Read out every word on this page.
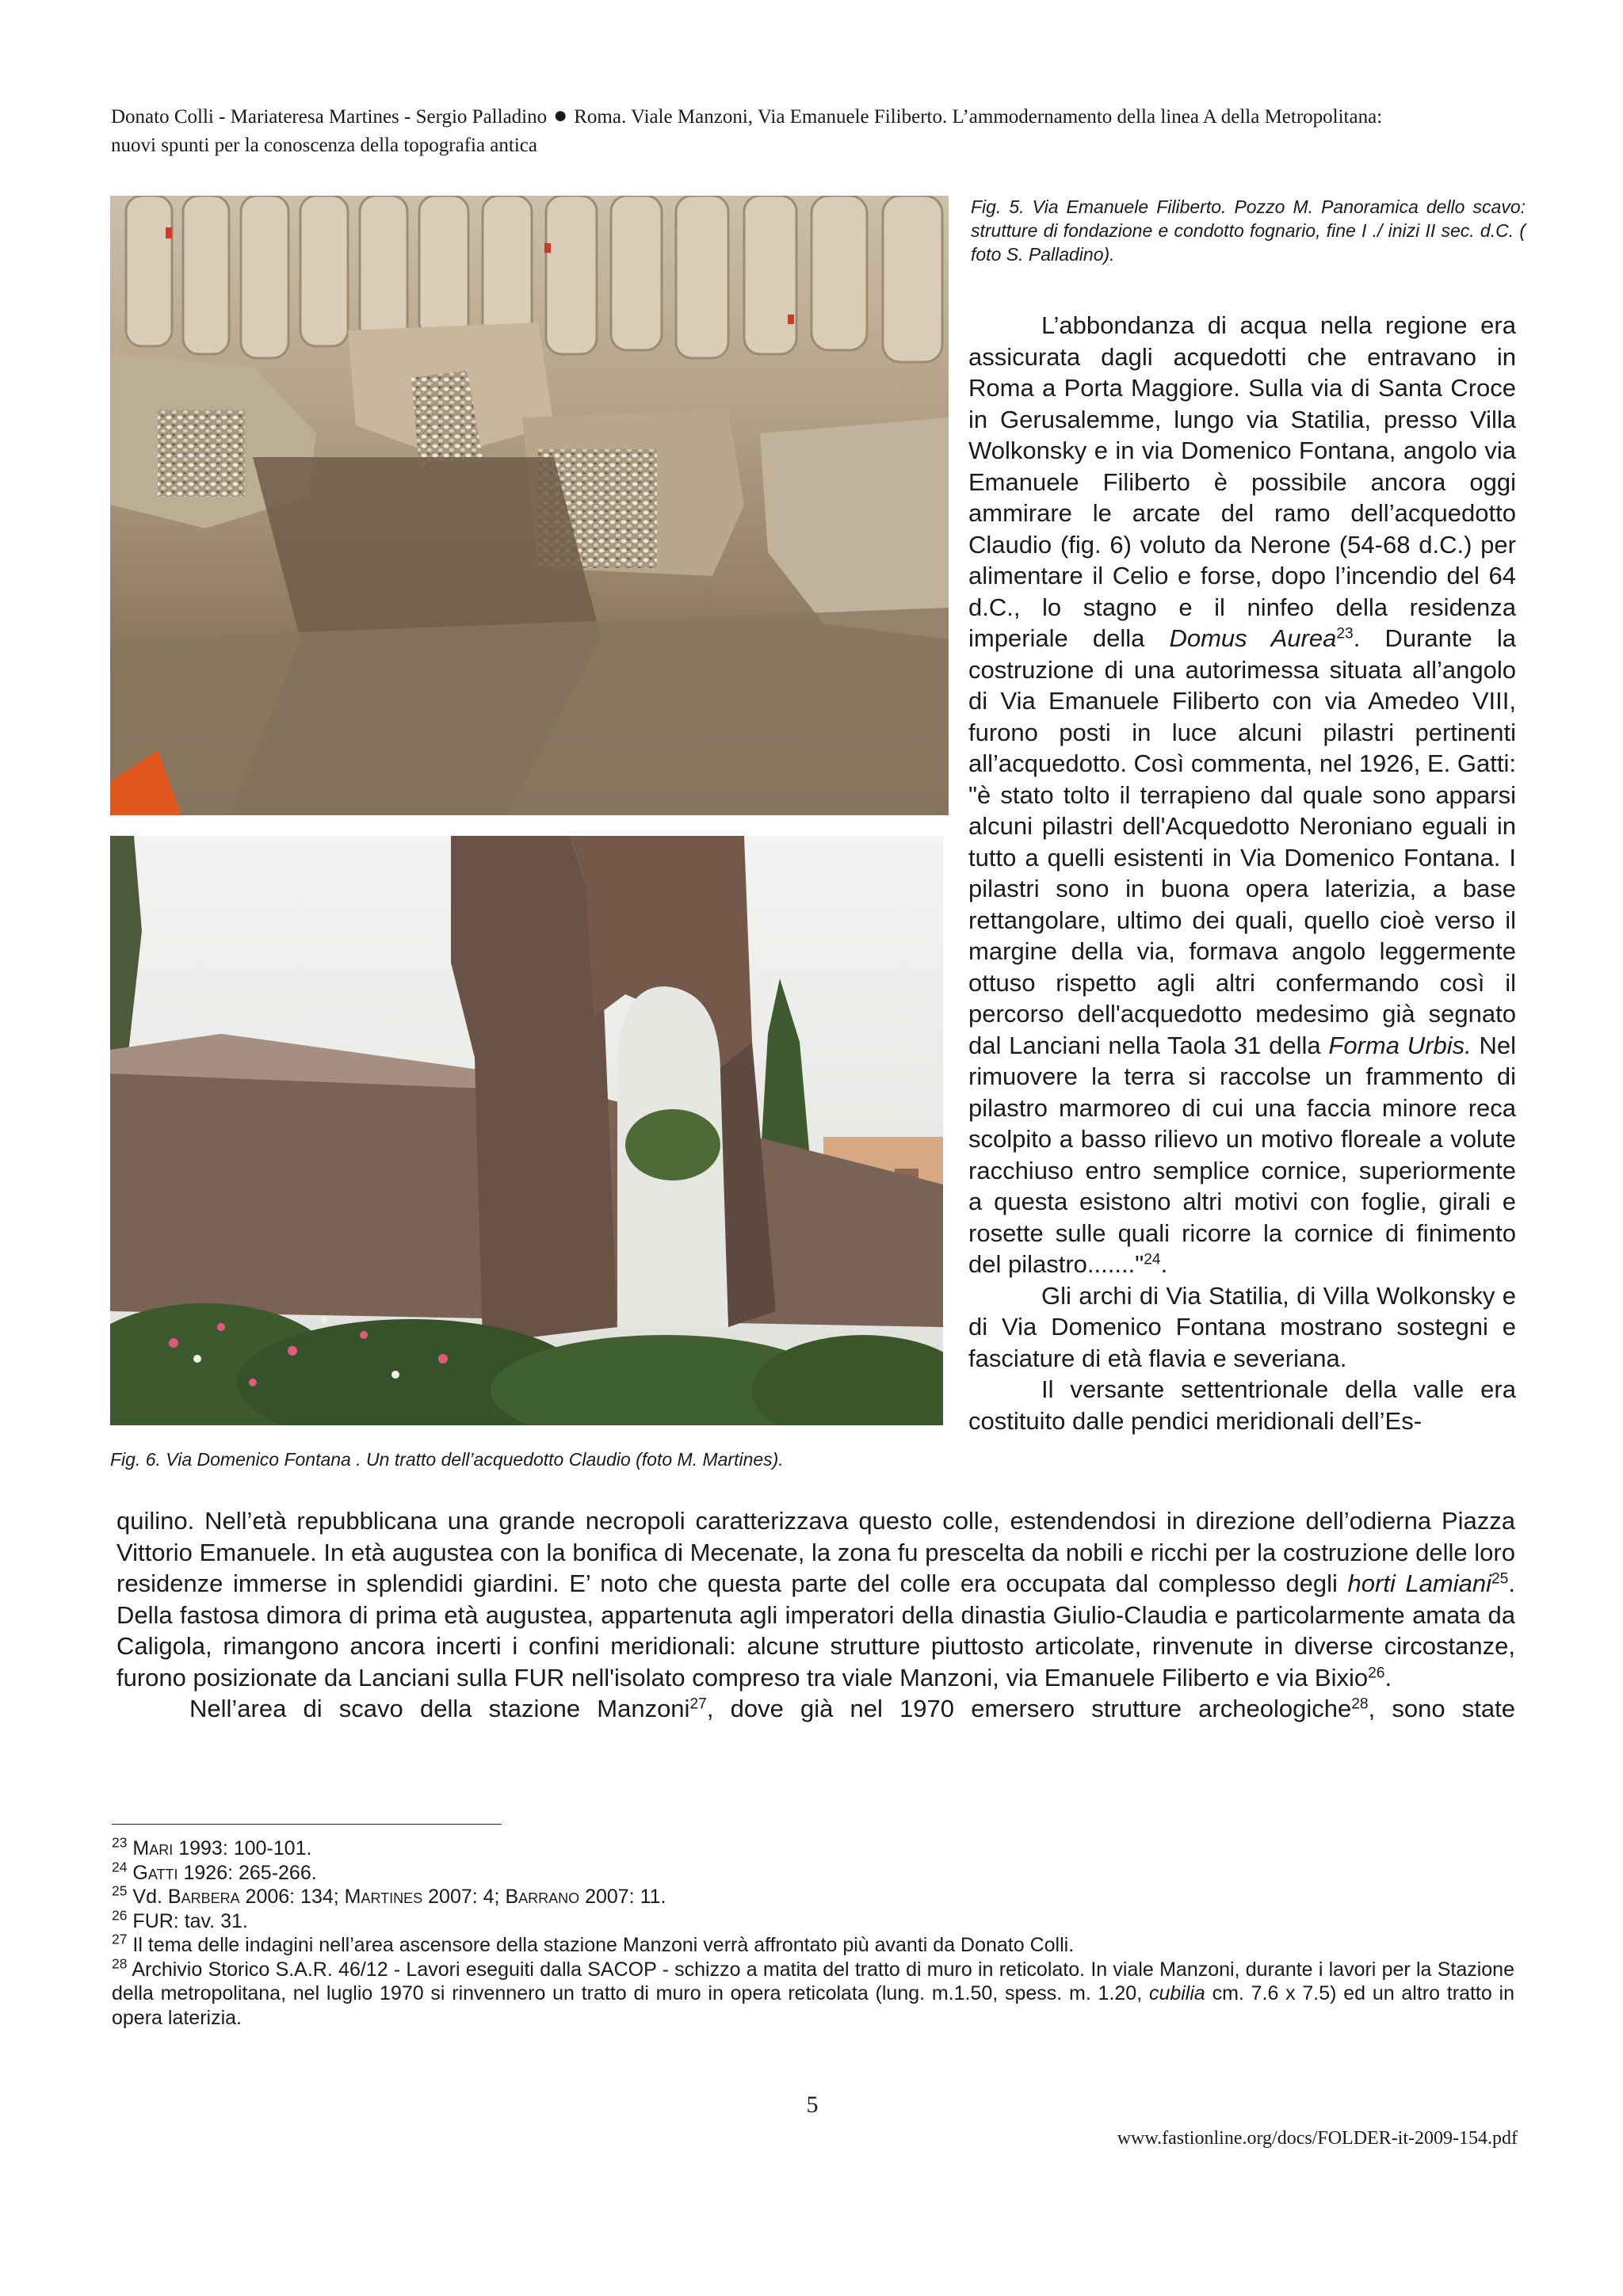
Donato Colli - Mariateresa Martines - Sergio Palladino ● Roma. Viale Manzoni, Via Emanuele Filiberto. L’ammodernamento della linea A della Metropolitana:
nuovi spunti per la conoscenza della topografia antica
Fig. 5. Via Emanuele Filiberto. Pozzo M. Panoramica dello scavo: strutture di fondazione e condotto fognario, fine I ./ inizi II sec. d.C. ( foto S. Palladino).
Fig. 6. Via Domenico Fontana . Un tratto dell’acquedotto Claudio (foto M. Martines).

L’abbondanza di acqua nella regione era assicurata dagli acquedotti che entravano in Roma a Porta Maggiore. Sulla via di Santa Croce in Gerusalemme, lungo via Statilia, presso Villa Wolkonsky e in via Domenico Fontana, angolo via Emanuele Filiberto è possibile ancora oggi ammirare le arcate del ramo dell’acquedotto Claudio (fig. 6) voluto da Nerone (54-68 d.C.) per alimentare il Celio e forse, dopo l’incendio del 64 d.C., lo stagno e il ninfeo della residenza imperiale della Domus Aurea$^{23}$. Durante la costruzione di una autorimessa situata all’angolo di Via Emanuele Filiberto con via Amedeo VIII, furono posti in luce alcuni pilastri pertinenti all’acquedotto. Così commenta, nel 1926, E. Gatti: "è stato tolto il terrapieno dal quale sono apparsi alcuni pilastri dell'Acquedotto Neroniano eguali in tutto a quelli esistenti in Via Domenico Fontana. I pilastri sono in buona opera laterizia, a base rettangolare, ultimo dei quali, quello cioè verso il margine della via, formava angolo leggermente ottuso rispetto agli altri confermando così il percorso dell'acquedotto medesimo già segnato dal Lanciani nella Taola 31 della Forma Urbis. Nel rimuovere la terra si raccolse un frammento di pilastro marmoreo di cui una faccia minore reca scolpito a basso rilievo un motivo floreale a volute racchiuso entro semplice cornice, superiormente a questa esistono altri motivi con foglie, girali e rosette sulle quali ricorre la cornice di finimento del pilastro......."$^{24}$.

Gli archi di Via Statilia, di Villa Wolkonsky e di Via Domenico Fontana mostrano sostegni e fasciature di età flavia e severiana.

Il versante settentrionale della valle era costituito dalle pendici meridionali dell’Es-

quilino. Nell’età repubblicana una grande necropoli caratterizzava questo colle, estendendosi in direzione dell’odierna Piazza Vittorio Emanuele. In età augustea con la bonifica di Mecenate, la zona fu prescelta da nobili e ricchi per la costruzione delle loro residenze immerse in splendidi giardini. E’ noto che questa parte del colle era occupata dal complesso degli horti Lamiani$^{25}$. Della fastosa dimora di prima età augustea, appartenuta agli imperatori della dinastia Giulio-Claudia e particolarmente amata da Caligola, rimangono ancora incerti i confini meridionali: alcune strutture piuttosto articolate, rinvenute in diverse circostanze, furono posizionate da Lanciani sulla FUR nell'isolato compreso tra viale Manzoni, via Emanuele Filiberto e via Bixio$^{26}$.

Nell’area di scavo della stazione Manzoni$^{27}$, dove già nel 1970 emersero strutture archeologiche$^{28}$, sono state

$^{23}$ Mari 1993: 100-101.

$^{24}$ Gatti 1926: 265-266.

$^{25}$ Vd. Barbera 2006: 134; Martines 2007: 4; Barrano 2007: 11.

$^{26}$ FUR: tav. 31.

$^{27}$ Il tema delle indagini nell’area ascensore della stazione Manzoni verrà affrontato più avanti da Donato Colli.

$^{28}$ Archivio Storico S.A.R. 46/12 - Lavori eseguiti dalla SACOP - schizzo a matita del tratto di muro in reticolato. In viale Manzoni, durante i lavori per la Stazione della metropolitana, nel luglio 1970 si rinvennero un tratto di muro in opera reticolata (lung. m.1.50, spess. m. 1.20, cubilia cm. 7.6 x 7.5) ed un altro tratto in opera laterizia.

5
www.fastionline.org/docs/FOLDER-it-2009-154.pdf
